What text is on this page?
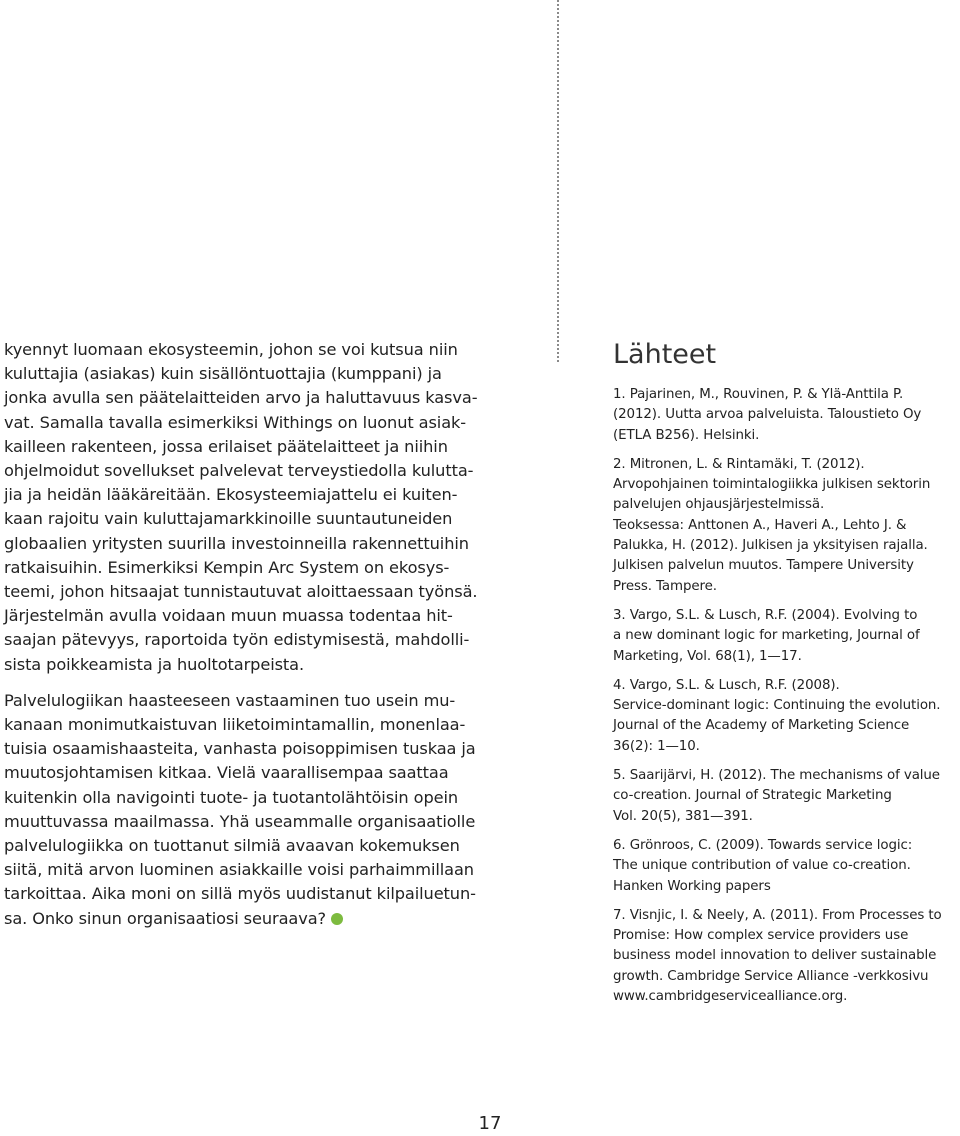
kyennyt luomaan ekosysteemin, johon se voi kutsua niin
kuluttajia (asiakas) kuin sisällöntuottajia (kumppani) ja
jonka avulla sen päätelaitteiden arvo ja haluttavuus kasva-
vat. Samalla tavalla esimerkiksi Withings on luonut asiak-
kailleen rakenteen, jossa erilaiset päätelaitteet ja niihin
ohjelmoidut sovellukset palvelevat terveystiedolla kulutta-
jia ja heidän lääkäreitään. Ekosysteemiajattelu ei kuiten-
kaan rajoitu vain kuluttajamarkkinoille suuntautuneiden
globaalien yritysten suurilla investoinneilla rakennettuihin
ratkaisuihin. Esimerkiksi Kempin Arc System on ekosys-
teemi, johon hitsaajat tunnistautuvat aloittaessaan työnsä.
Järjestelmän avulla voidaan muun muassa todentaa hit-
saajan pätevyys, raportoida työn edistymisestä, mahdolli-
sista poikkeamista ja huoltotarpeista.

Palvelulogiikan haasteeseen vastaaminen tuo usein mu-
kanaan monimutkaistuvan liiketoimintamallin, monenlaa-
tuisia osaamishaasteita, vanhasta poisoppimisen tuskaa ja
muutosjohtamisen kitkaa. Vielä vaarallisempaa saattaa
kuitenkin olla navigointi tuote- ja tuotantolähtöisin opein
muuttuvassa maailmassa. Yhä useammalle organisaatiolle
palvelulogiikka on tuottanut silmiä avaavan kokemuksen
siitä, mitä arvon luominen asiakkaille voisi parhaimmillaan
tarkoittaa. Aika moni on sillä myös uudistanut kilpailuetun-
sa. Onko sinun organisaatiosi seuraava?

Lähteet
1. Pajarinen, M., Rouvinen, P. & Ylä-Anttila P.
(2012). Uutta arvoa palveluista. Taloustieto Oy
(ETLA B256). Helsinki.
2. Mitronen, L. & Rintamäki, T. (2012).
Arvopohjainen toimintalogiikka julkisen sektorin
palvelujen ohjausjärjestelmissä.
Teoksessa: Anttonen A., Haveri A., Lehto J. &
Palukka, H. (2012). Julkisen ja yksityisen rajalla.
Julkisen palvelun muutos. Tampere University
Press. Tampere.
3. Vargo, S.L. & Lusch, R.F. (2004). Evolving to
a new dominant logic for marketing, Journal of
Marketing, Vol. 68(1), 1—17.
4. Vargo, S.L. & Lusch, R.F. (2008).
Service-dominant logic: Continuing the evolution.
Journal of the Academy of Marketing Science
36(2): 1—10.
5. Saarijärvi, H. (2012). The mechanisms of value
co-creation. Journal of Strategic Marketing
Vol. 20(5), 381—391.
6. Grönroos, C. (2009). Towards service logic:
The unique contribution of value co-creation.
Hanken Working papers
7. Visnjic, I. & Neely, A. (2011). From Processes to
Promise: How complex service providers use
business model innovation to deliver sustainable
growth. Cambridge Service Alliance -verkkosivu
www.cambridgeservicealliance.org.
17
